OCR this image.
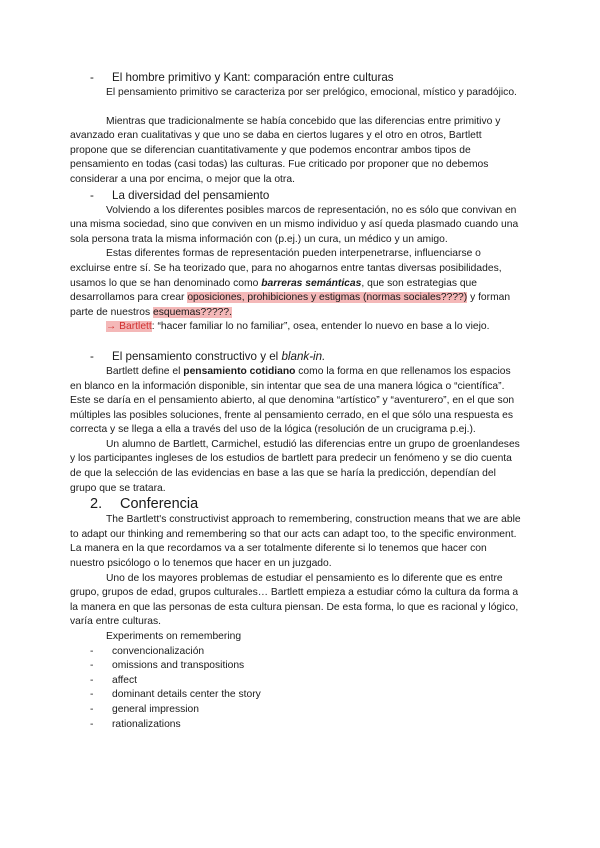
-	El hombre primitivo y Kant: comparación entre culturas

El pensamiento primitivo se caracteriza por ser prelógico, emocional, místico y paradójico.

Mientras que tradicionalmente se había concebido que las diferencias entre primitivo y avanzado eran cualitativas y que uno se daba en ciertos lugares y el otro en otros, Bartlett propone que se diferencian cuantitativamente y que podemos encontrar ambos tipos de pensamiento en todas (casi todas) las culturas. Fue criticado por proponer que no debemos considerar a una por encima, o mejor que la otra.

-	La diversidad del pensamiento

Volviendo a los diferentes posibles marcos de representación, no es sólo que convivan en una misma sociedad, sino que conviven en un mismo individuo y así queda plasmado cuando una sola persona trata la misma información con (p.ej.) un cura, un médico y un amigo.

Estas diferentes formas de representación pueden interpenetrarse, influenciarse o excluirse entre sí. Se ha teorizado que, para no ahogarnos entre tantas diversas posibilidades, usamos lo que se han denominado como barreras semánticas, que son estrategias que desarrollamos para crear oposiciones, prohibiciones y estigmas (normas sociales????) y forman parte de nuestros esquemas?????.

→ Bartlett: “hacer familiar lo no familiar”, osea, entender lo nuevo en base a lo viejo.

-	El pensamiento constructivo y el blank-in.

Bartlett define el pensamiento cotidiano como la forma en que rellenamos los espacios en blanco en la información disponible, sin intentar que sea de una manera lógica o “científica”. Este se daría en el pensamiento abierto, al que denomina “artístico” y “aventurero”, en el que son múltiples las posibles soluciones, frente al pensamiento cerrado, en el que sólo una respuesta es correcta y se llega a ella a través del uso de la lógica (resolución de un crucigrama p.ej.).

Un alumno de Bartlett, Carmichel, estudió las diferencias entre un grupo de groenlandeses y los participantes ingleses de los estudios de bartlett para predecir un fenómeno y se dio cuenta de que la selección de las evidencias en base a las que se haría la predicción, dependían del grupo que se tratara.

2.	Conferencia

The Bartlett's constructivist approach to remembering, construction means that we are able to adapt our thinking and remembering so that our acts can adapt too, to the specific environment. La manera en la que recordamos va a ser totalmente diferente si lo tenemos que hacer con nuestro psicólogo o lo tenemos que hacer en un juzgado.

Uno de los mayores problemas de estudiar el pensamiento es lo diferente que es entre grupo, grupos de edad, grupos culturales… Bartlett empieza a estudiar cómo la cultura da forma a la manera en que las personas de esta cultura piensan. De esta forma, lo que es racional y lógico, varía entre culturas.

Experiments on remembering

-	convencionalización
-	omissions and transpositions
-	affect
-	dominant details center the story
-	general impression
-	rationalizations
